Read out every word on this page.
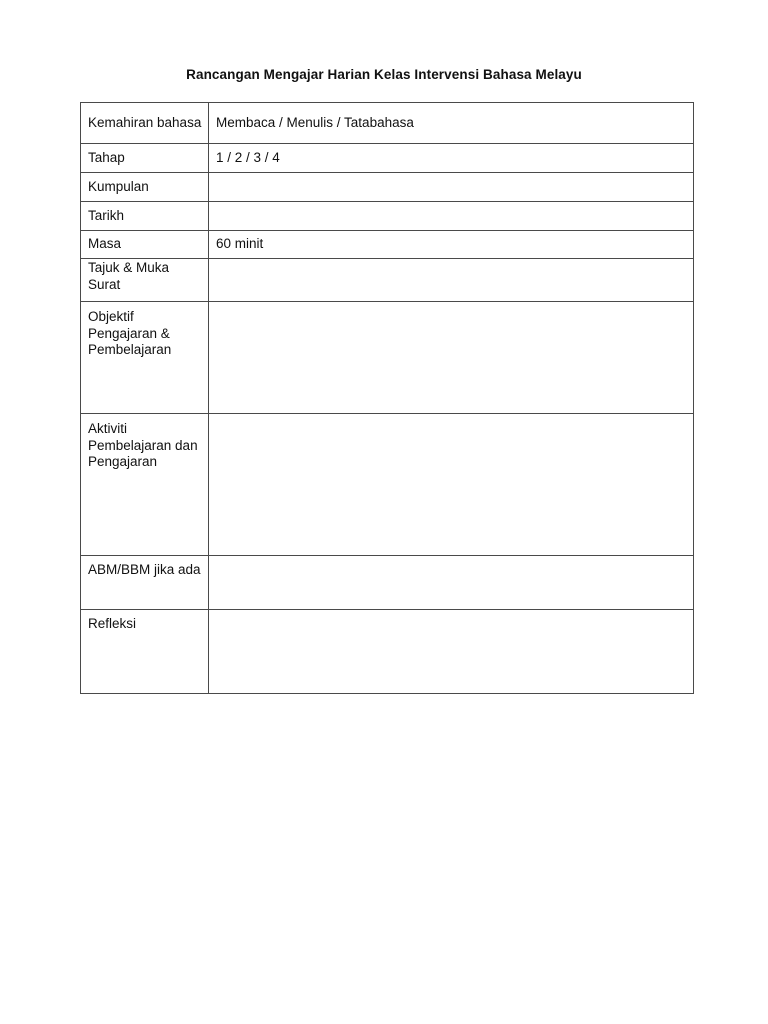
Rancangan Mengajar Harian Kelas Intervensi Bahasa Melayu
Kemahiran bahasa	Membaca / Menulis / Tatabahasa
Tahap	1 / 2 / 3 / 4
Kumpulan	
Tarikh	
Masa	60 minit
Tajuk & Muka Surat	
Objektif Pengajaran & Pembelajaran	
Aktiviti Pembelajaran dan Pengajaran	
ABM/BBM jika ada	
Refleksi	
